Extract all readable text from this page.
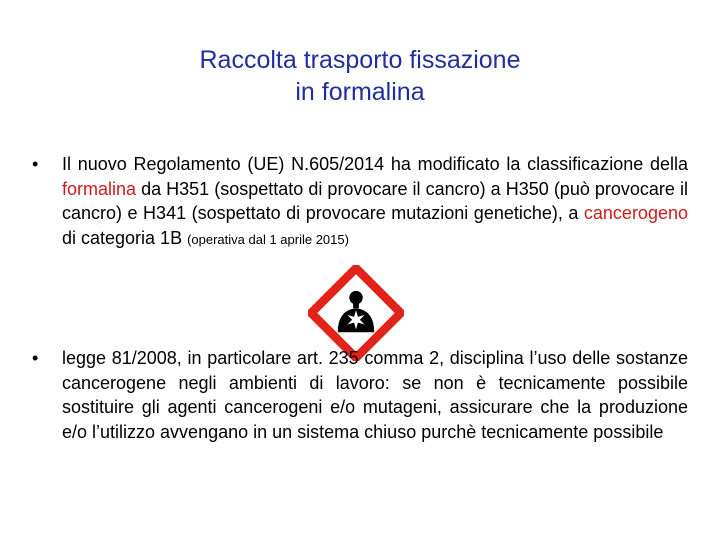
Raccolta trasporto fissazione
in formalina
• Il nuovo Regolamento (UE) N.605/2014 ha modificato la classificazione della formalina da H351 (sospettato di provocare il cancro) a H350 (può provocare il cancro) e H341 (sospettato di provocare mutazioni genetiche), a cancerogeno di categoria 1B (operativa dal 1 aprile 2015)
• legge 81/2008, in particolare art. 235 comma 2, disciplina l’uso delle sostanze cancerogene negli ambienti di lavoro: se non è tecnicamente possibile sostituire gli agenti cancerogeni e/o mutageni, assicurare che la produzione e/o l’utilizzo avvengano in un sistema chiuso purchè tecnicamente possibile
